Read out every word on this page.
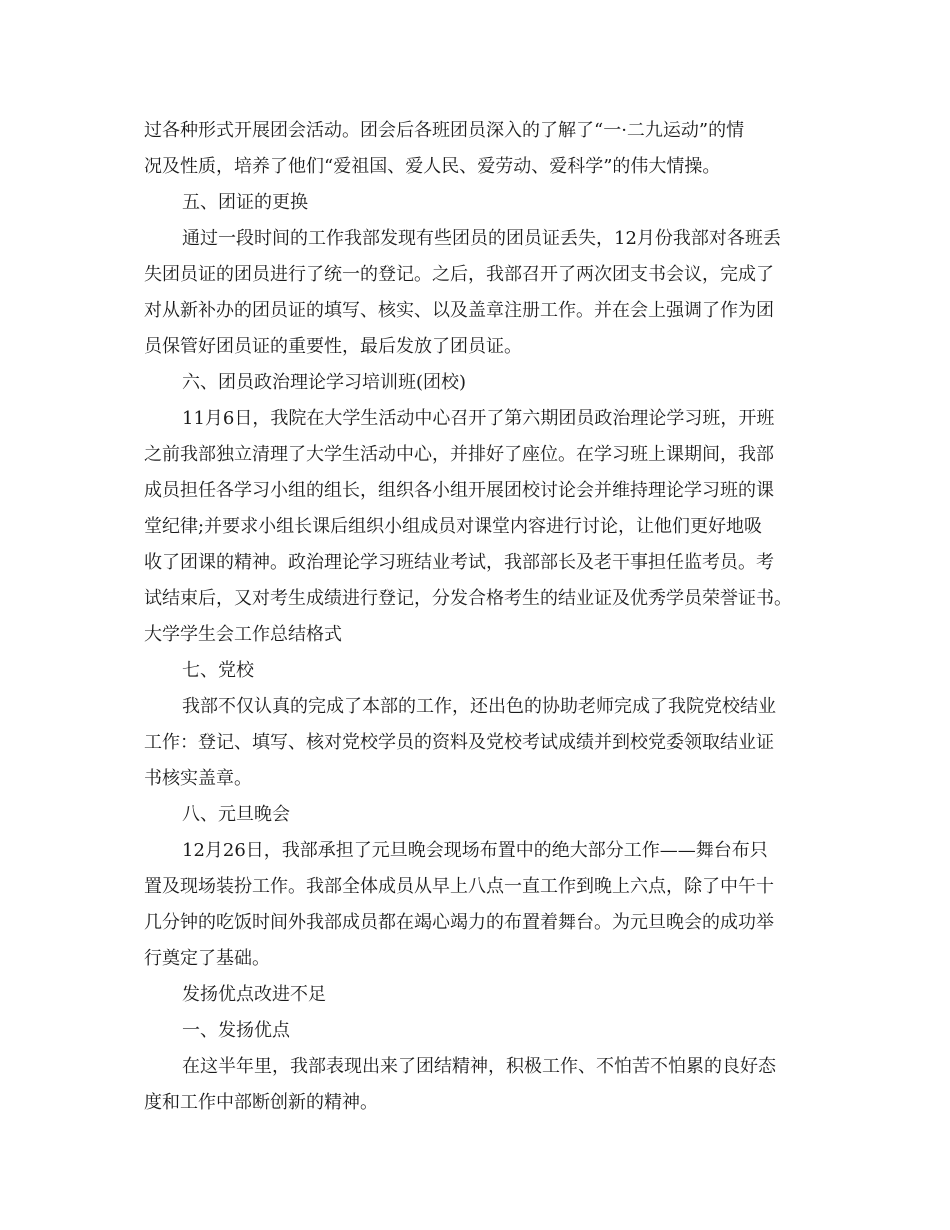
过各种形式开展团会活动。团会后各班团员深入的了解了“一·二九运动”的情
况及性质，培养了他们“爱祖国、爱人民、爱劳动、爱科学”的伟大情操。
五、团证的更换
通过一段时间的工作我部发现有些团员的团员证丢失，12月份我部对各班丢
失团员证的团员进行了统一的登记。之后，我部召开了两次团支书会议，完成了
对从新补办的团员证的填写、核实、以及盖章注册工作。并在会上强调了作为团
员保管好团员证的重要性，最后发放了团员证。
六、团员政治理论学习培训班(团校)
11月6日，我院在大学生活动中心召开了第六期团员政治理论学习班，开班
之前我部独立清理了大学生活动中心，并排好了座位。在学习班上课期间，我部
成员担任各学习小组的组长，组织各小组开展团校讨论会并维持理论学习班的课
堂纪律;并要求小组长课后组织小组成员对课堂内容进行讨论，让他们更好地吸
收了团课的精神。政治理论学习班结业考试，我部部长及老干事担任监考员。考
试结束后，又对考生成绩进行登记，分发合格考生的结业证及优秀学员荣誉证书。
大学学生会工作总结格式
七、党校
我部不仅认真的完成了本部的工作，还出色的协助老师完成了我院党校结业
工作：登记、填写、核对党校学员的资料及党校考试成绩并到校党委领取结业证
书核实盖章。
八、元旦晚会
12月26日，我部承担了元旦晚会现场布置中的绝大部分工作——舞台布只
置及现场装扮工作。我部全体成员从早上八点一直工作到晚上六点，除了中午十
几分钟的吃饭时间外我部成员都在竭心竭力的布置着舞台。为元旦晚会的成功举
行奠定了基础。
发扬优点改进不足
一、发扬优点
在这半年里，我部表现出来了团结精神，积极工作、不怕苦不怕累的良好态
度和工作中部断创新的精神。
